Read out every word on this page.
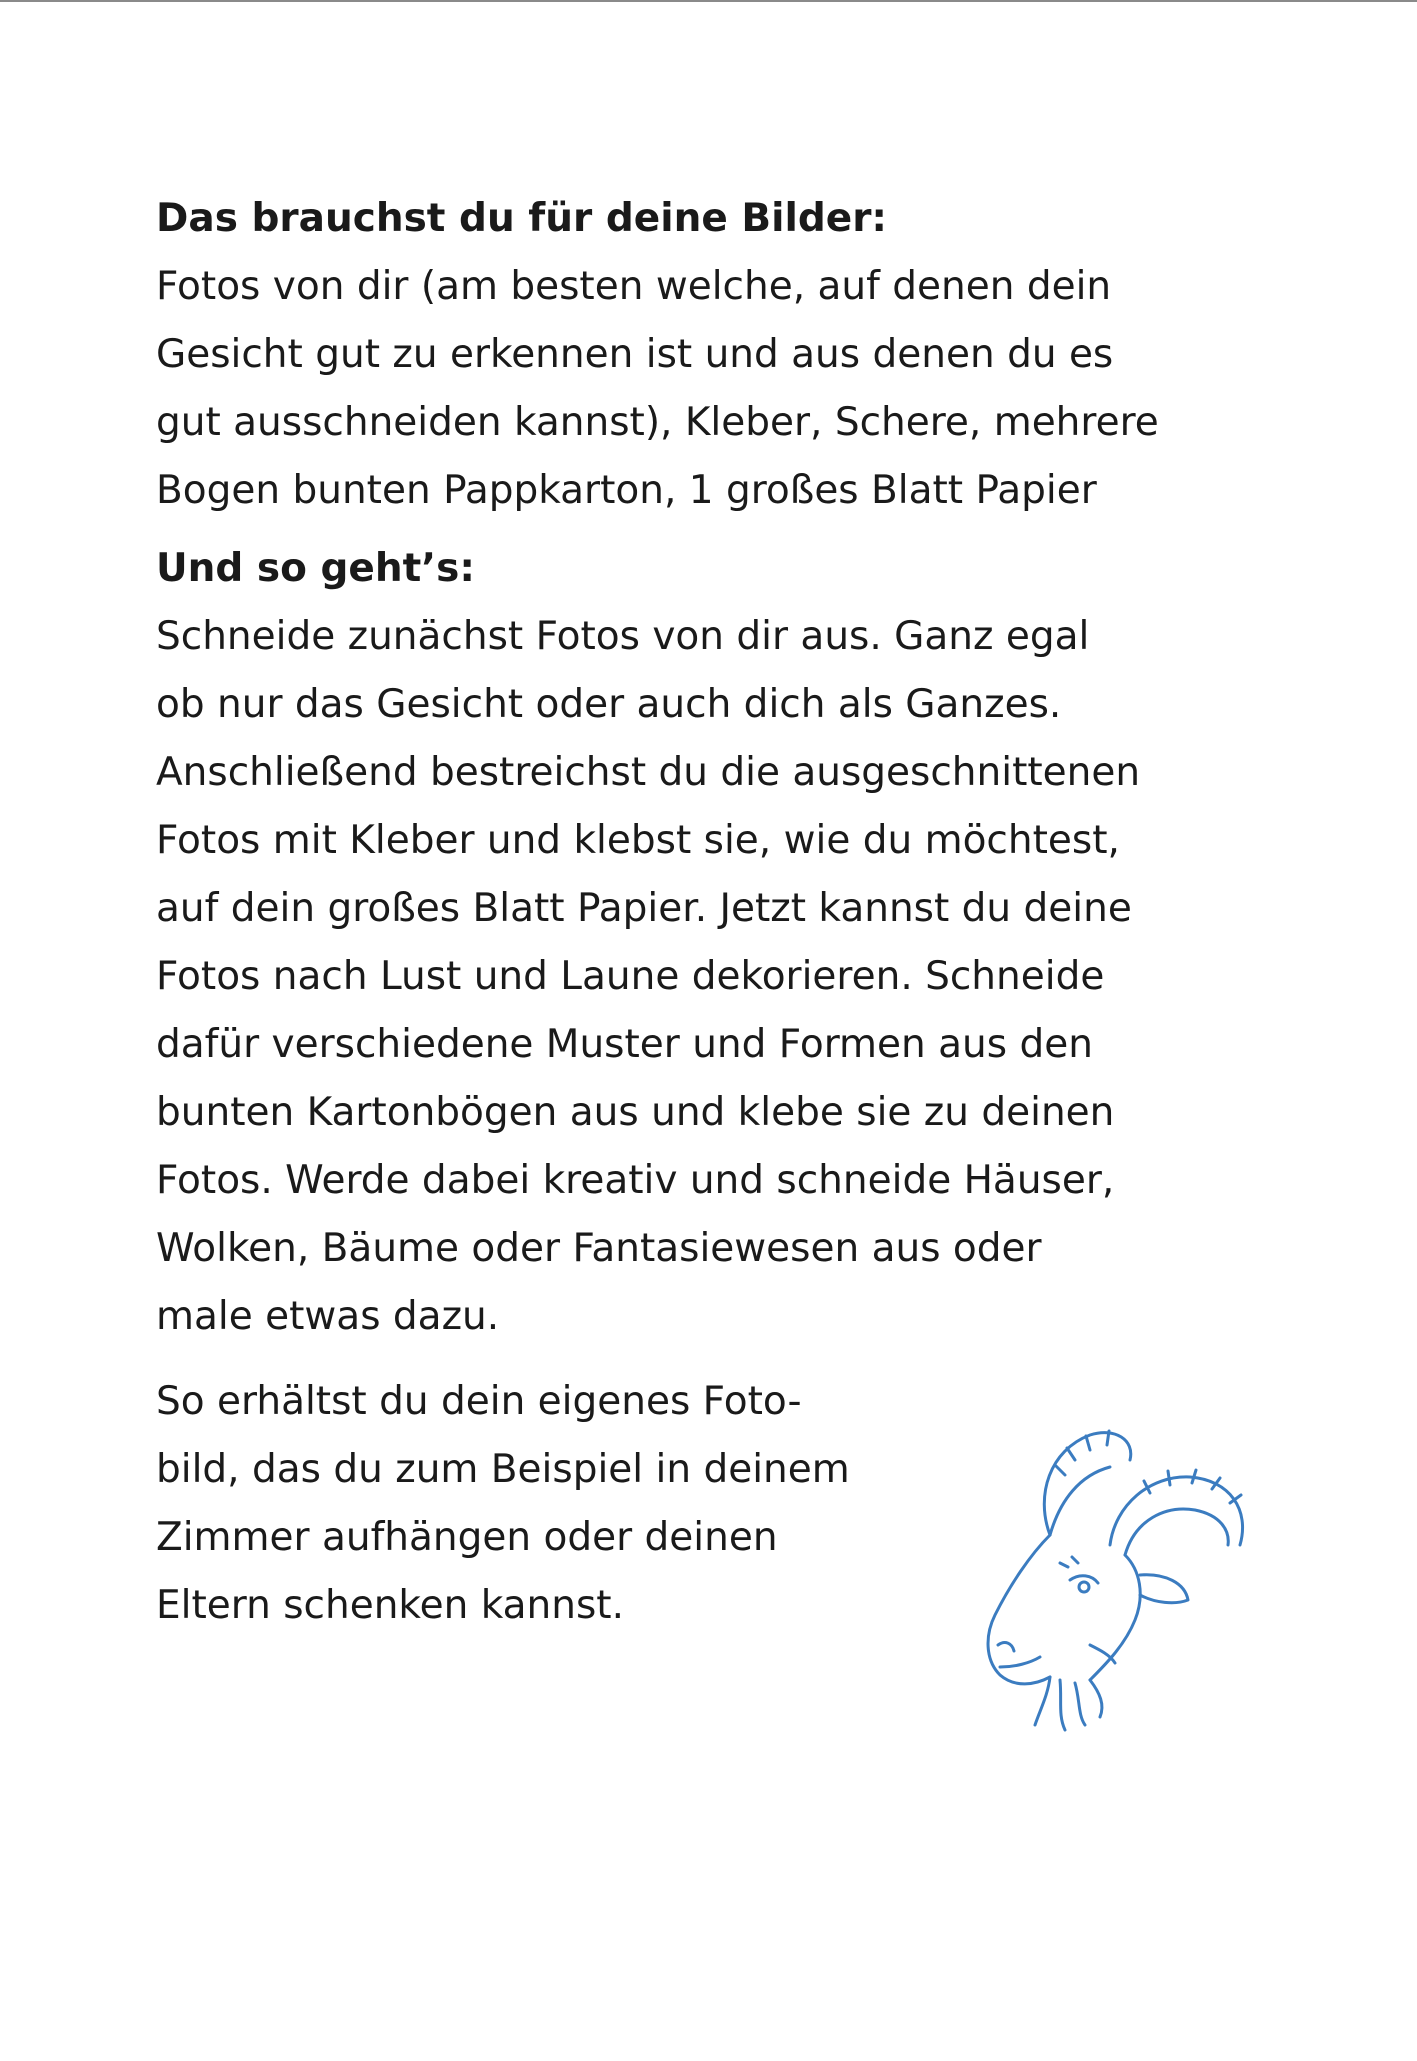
Das brauchst du für deine Bilder:

Fotos von dir (am besten welche, auf denen dein

Gesicht gut zu erkennen ist und aus denen du es

gut ausschneiden kannst), Kleber, Schere, mehrere

Bogen bunten Pappkarton, 1 großes Blatt Papier

Und so geht’s:

Schneide zunächst Fotos von dir aus. Ganz egal

ob nur das Gesicht oder auch dich als Ganzes.

Anschließend bestreichst du die ausgeschnittenen

Fotos mit Kleber und klebst sie, wie du möchtest,

auf dein großes Blatt Papier. Jetzt kannst du deine

Fotos nach Lust und Laune dekorieren. Schneide

dafür verschiedene Muster und Formen aus den

bunten Kartonbögen aus und klebe sie zu deinen

Fotos. Werde dabei kreativ und schneide Häuser,

Wolken, Bäume oder Fantasiewesen aus oder

male etwas dazu.

So erhältst du dein eigenes Foto-

bild, das du zum Beispiel in deinem

Zimmer aufhängen oder deinen

Eltern schenken kannst.
